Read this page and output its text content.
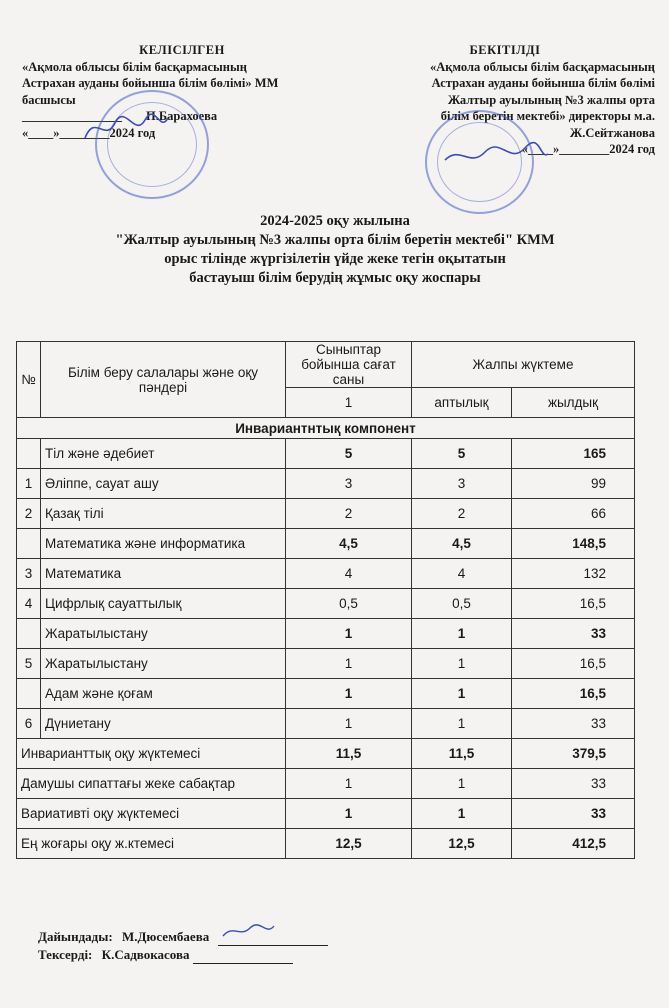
КЕЛІСІЛГЕН
«Ақмола облысы білім басқармасының
Астрахан ауданы бойынша білім бөлімі» ММ
басшысы
________________ П.Барахоева
«____»________2024 год
БЕКІТІЛДІ
«Ақмола облысы білім басқармасының
Астрахан ауданы бойынша білім бөлімі
Жалтыр ауылының №3 жалпы орта
білім беретін мектебі» директоры м.а.
Ж.Сейтжанова
«____»________2024 год
2024-2025 оқу жылына
"Жалтыр ауылының №3 жалпы орта білім беретін мектебі" КММ
орыс тілінде жүргізілетін үйде жеке тегін оқытатын
бастауыш білім берудің жұмыс оқу жоспары
№	Білім беру салалары және оқу пәндері	Сыныптар бойынша сағат саны	Жалпы жүктеме	
		1	аптылық	жылдық
Инвариантнтық компонент				
	Тіл және әдебиет	5	5	165
1	Әліппе, сауат ашу	3	3	99
2	Қазақ тілі	2	2	66
	Математика және информатика	4,5	4,5	148,5
3	Математика	4	4	132
4	Цифрлық сауаттылық	0,5	0,5	16,5
	Жаратылыстану	1	1	33
5	Жаратылыстану	1	1	16,5
	Адам және қоғам	1	1	16,5
6	Дүниетану	1	1	33
Инварианттық оқу жүктемесі		11,5	11,5	379,5
Дамушы сипаттағы жеке сабақтар		1	1	33
Вариативті оқу жүктемесі		1	1	33
Ең жоғары оқу ж.ктемесі		12,5	12,5	412,5
Дайындады: М.Дюсембаева
Тексерді: К.Садвокасова
